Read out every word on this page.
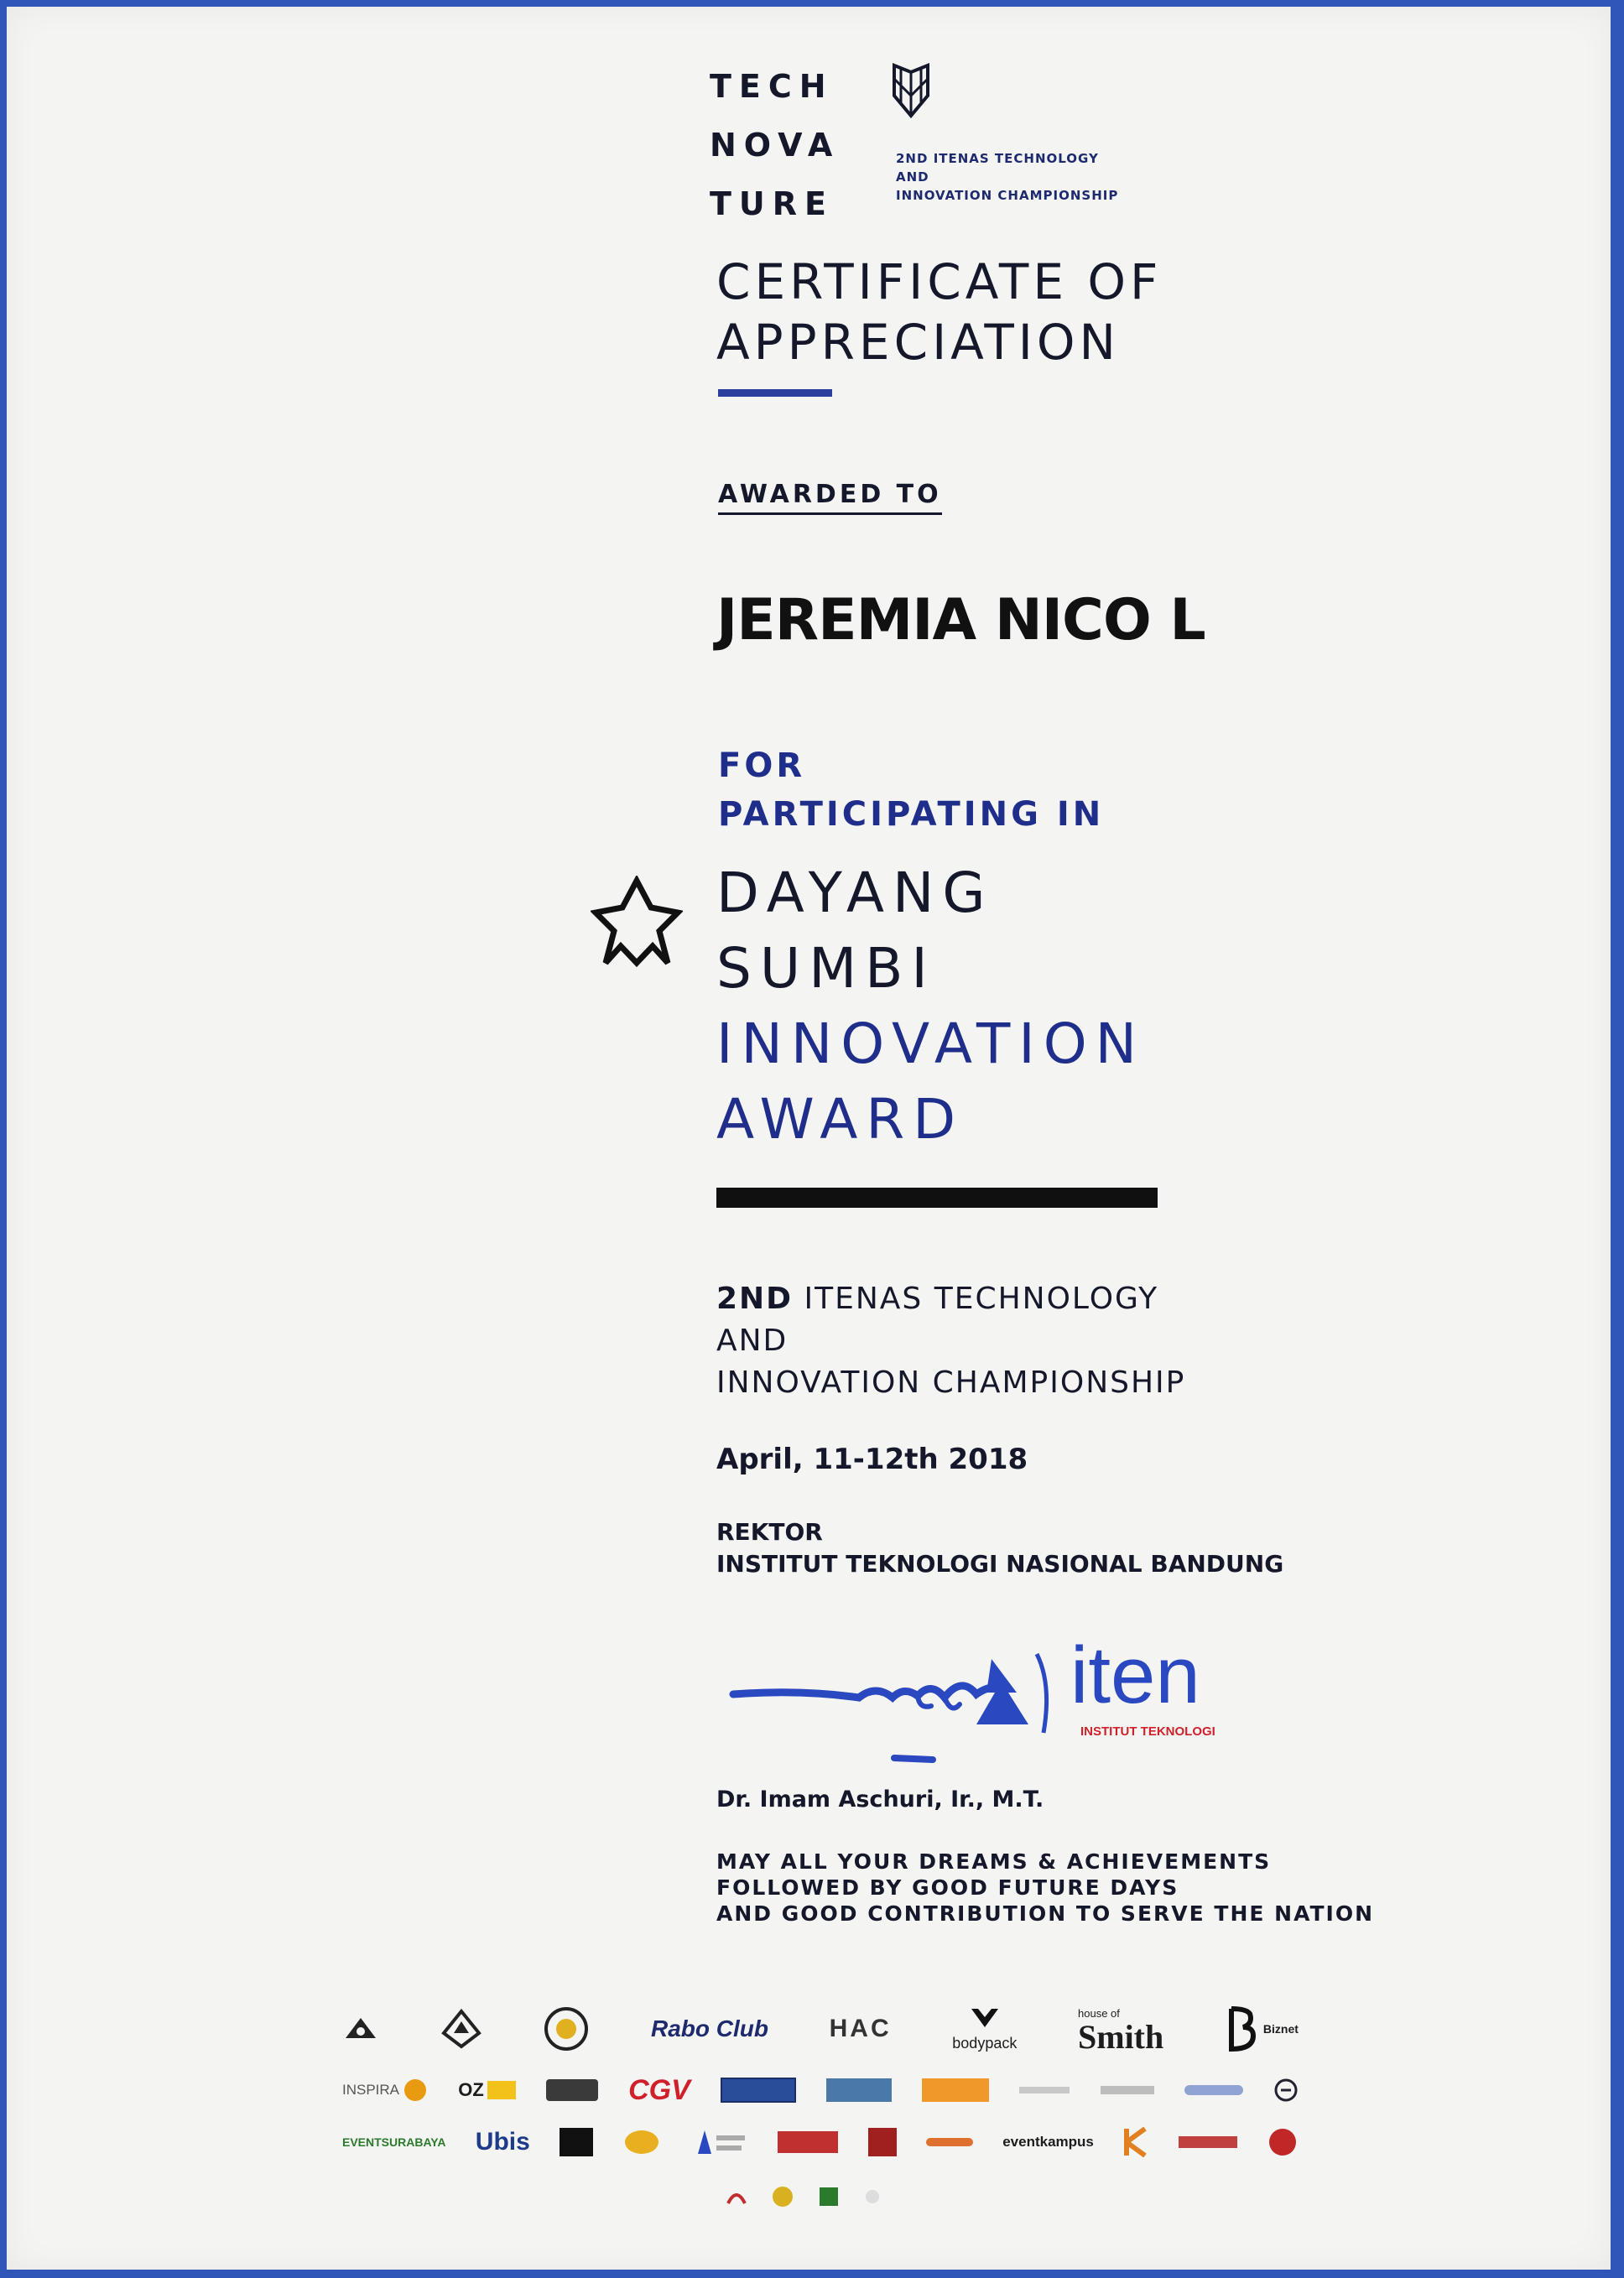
TECH
NOVA
TURE
2ND ITENAS TECHNOLOGY
AND
INNOVATION CHAMPIONSHIP
CERTIFICATE OF
APPRECIATION
AWARDED TO
JEREMIA NICO L
FOR
PARTICIPATING IN
DAYANG
SUMBI
INNOVATION
AWARD
2ND ITENAS TECHNOLOGY
AND
INNOVATION CHAMPIONSHIP
April, 11-12th 2018
REKTOR
INSTITUT TEKNOLOGI NASIONAL BANDUNG
iten
INSTITUT TEKNOLOGI
Dr. Imam Aschuri, Ir., M.T.
MAY ALL YOUR DREAMS & ACHIEVEMENTS
FOLLOWED BY GOOD FUTURE DAYS
AND GOOD CONTRIBUTION TO SERVE THE NATION
Rabo Club HAC
bodypack
house of
Smith	Biznet
INSPIRA	OZ	CGV
EVENTSURABAYA Ubis	eventkampus
